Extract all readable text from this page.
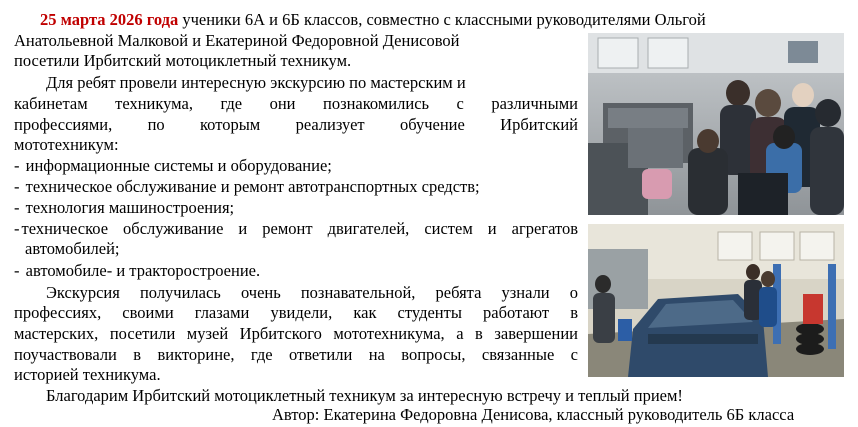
25 марта 2026 года ученики 6А и 6Б классов, совместно с классными руководителями Ольгой
Анатольевной Малковой и Екатериной Федоровной Денисовой
посетили Ирбитский мотоциклетный техникум.
Для ребят провели интересную экскурсию по мастерским и
кабинетам техникума, где они познакомились с различными
профессиями, по которым реализует обучение Ирбитский
мототехникум:
- информационные системы и оборудование;
- техническое обслуживание и ремонт автотранспортных средств;
- технология машиностроения;
- техническое обслуживание и ремонт двигателей, систем и агрегатов
автомобилей;
- автомобиле- и тракторостроение.
Экскурсия получилась очень познавательной, ребята узнали о
профессиях, своими глазами увидели, как студенты работают в
мастерских, посетили музей Ирбитского мототехникума, а в завершении
поучаствовали в викторине, где ответили на вопросы, связанные с
историей техникума.
Благодарим Ирбитский мотоциклетный техникум за интересную встречу и теплый прием!
Автор: Екатерина Федоровна Денисова, классный руководитель 6Б класса
